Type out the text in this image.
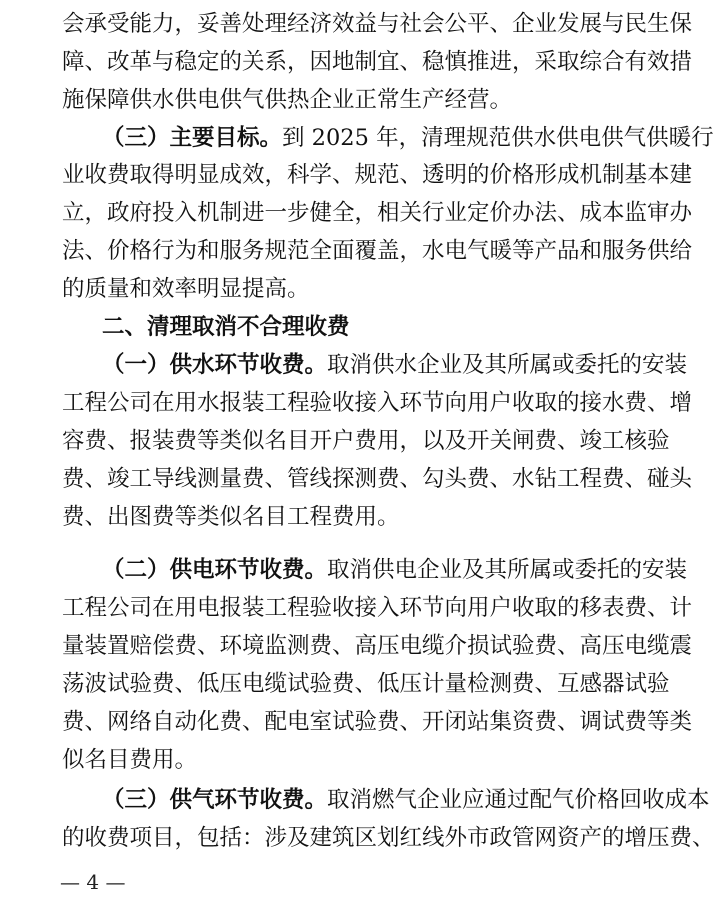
会承受能力，妥善处理经济效益与社会公平、企业发展与民生保
障、改革与稳定的关系，因地制宜、稳慎推进，采取综合有效措
施保障供水供电供气供热企业正常生产经营。
（三）主要目标。到 2025 年，清理规范供水供电供气供暖行
业收费取得明显成效，科学、规范、透明的价格形成机制基本建
立，政府投入机制进一步健全，相关行业定价办法、成本监审办
法、价格行为和服务规范全面覆盖，水电气暖等产品和服务供给
的质量和效率明显提高。
二、清理取消不合理收费
（一）供水环节收费。取消供水企业及其所属或委托的安装
工程公司在用水报装工程验收接入环节向用户收取的接水费、增
容费、报装费等类似名目开户费用，以及开关闸费、竣工核验
费、竣工导线测量费、管线探测费、勾头费、水钻工程费、碰头
费、出图费等类似名目工程费用。
（二）供电环节收费。取消供电企业及其所属或委托的安装
工程公司在用电报装工程验收接入环节向用户收取的移表费、计
量装置赔偿费、环境监测费、高压电缆介损试验费、高压电缆震
荡波试验费、低压电缆试验费、低压计量检测费、互感器试验
费、网络自动化费、配电室试验费、开闭站集资费、调试费等类
似名目费用。
（三）供气环节收费。取消燃气企业应通过配气价格回收成本
的收费项目，包括：涉及建筑区划红线外市政管网资产的增压费、
— 4 —
